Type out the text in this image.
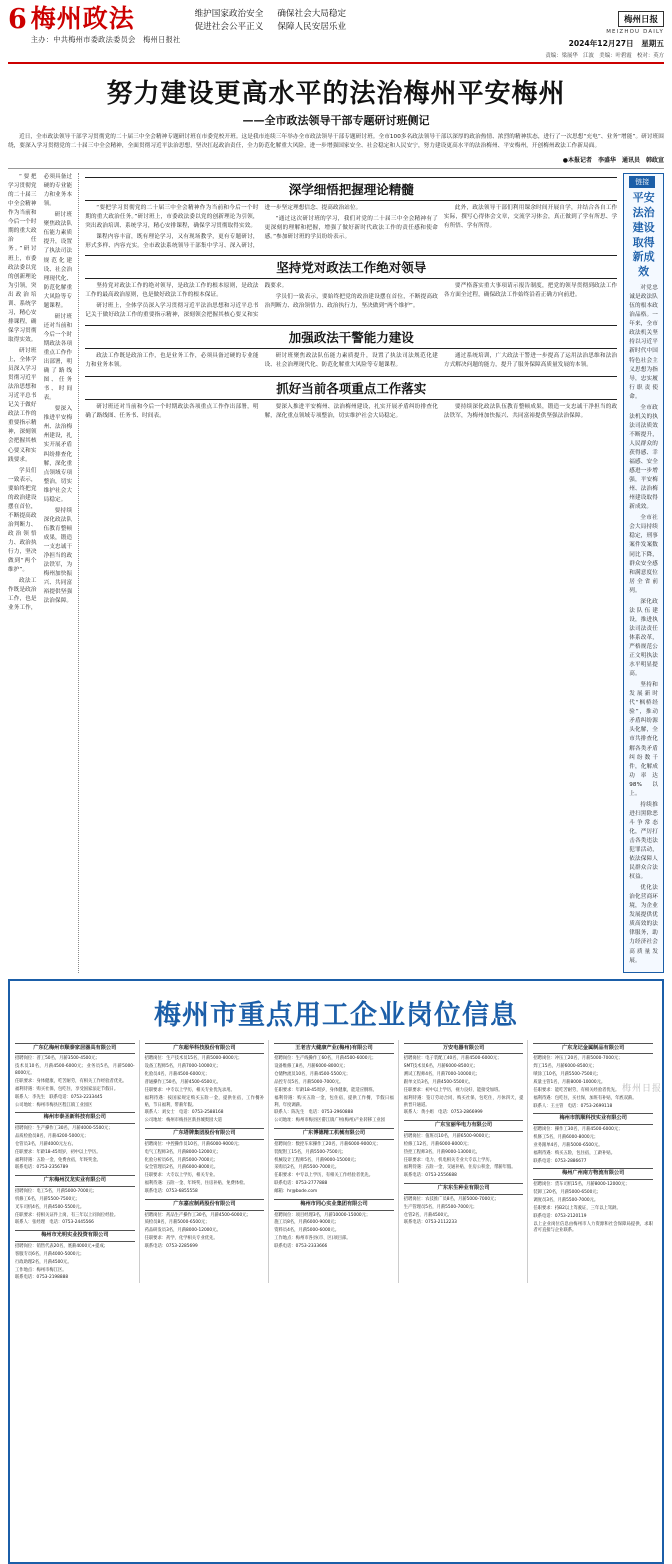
6 梅州政法
主办：中共梅州市委政法委员会　梅州日报社
维护国家政治安全 确保社会大局稳定
促进社会公平正义 保障人民安居乐业
梅州日报
MEIZHOU DAILY
2024年12月27日　星期五
责编：梁展华　江波　美编：叶碧霞　校对：英方
努力建设更高水平的法治梅州平安梅州
——全市政法领导干部专题研讨班侧记

近日，全市政法领导干部学习贯彻党的二十届三中全会精神专题研讨班在市委党校开班。这是我市连续三年举办全市政法领导干部专题研讨班。全市100多名政法领导干部以深厚的政治热情、浓烈的精神状态，进行了一次思想“充电”、业务“增能”。研讨班围绕，要深入学习贯彻党的二十届三中全会精神，全面贯彻习近平法治思想，坚决扛起政治责任，全力防范化解重大风险，进一步增强国家安全、社会稳定和人民安宁，努力建设更高水平的法治梅州、平安梅州，开创梅州政法工作新局面。

●本报记者　李盛华　通讯员　韩政宣

“要把学习贯彻党的二十届三中全会精神作为当前和今后一个时期的重大政治任务。”研讨班上，市委政法委以党的创新理论为引领，突出政治培训、系统学习，精心安排课程，确保学习贯彻取得实效。

研讨班上，全体学员深入学习贯彻习近平法治思想和习近平总书记关于做好政法工作的重要指示精神，深刻领会把握其核心要义和实践要求。

学员们一致表示，要始终把党的政治建设摆在首位，不断提高政治判断力、政治领悟力、政治执行力，坚决做到“两个维护”。

政法工作既是政治工作，也是业务工作，必须具备过硬的专业能力和业务本领。

研讨班聚焦政法队伍能力素质提升，设置了执法司法规范化建设、社会治理现代化、防范化解重大风险等专题课程。

研讨班还对当前和今后一个时期政法各项重点工作作出部署，明确了路线图、任务书、时间表。

要深入推进平安梅州、法治梅州建设，扎实开展矛盾纠纷排查化解，深化重点领域专项整治，切实维护社会大局稳定。

要持续深化政法队伍教育整顿成果，锻造一支忠诚干净担当的政法铁军，为梅州加快振兴、共同富裕提供坚强法治保障。

深学细悟把握理论精髓

“要把学习贯彻党的二十届三中全会精神作为当前和今后一个时期的重大政治任务。”研讨班上，市委政法委以党的创新理论为引领，突出政治培训、系统学习，精心安排课程，确保学习贯彻取得实效。

课程内容丰富，既有理论学习，又有现场教学，更有专题研讨，形式多样、内容充实。全市政法系统领导干部集中学习、深入研讨，进一步坚定理想信念、提高政治站位。

“通过这次研讨班的学习，我们对党的二十届三中全会精神有了更深刻的理解和把握，增强了做好新时代政法工作的责任感和使命感。”参加研讨班的学员纷纷表示。

此外，政法领导干部们利用课余时间开展自学，并结合各自工作实际，撰写心得体会文章，交流学习体会，真正做到了学有所思、学有所悟、学有所得。

坚持党对政法工作绝对领导

坚持党对政法工作的绝对领导，是政法工作的根本原则，是政法工作的最高政治原则，也是做好政法工作的根本保证。

研讨班上，全体学员深入学习贯彻习近平法治思想和习近平总书记关于做好政法工作的重要指示精神，深刻领会把握其核心要义和实践要求。

学员们一致表示，要始终把党的政治建设摆在首位，不断提高政治判断力、政治领悟力、政治执行力，坚决做到“两个维护”。

要严格落实重大事项请示报告制度，把党的领导贯彻到政法工作各方面全过程，确保政法工作始终沿着正确方向前进。

加强政法干警能力建设

政法工作既是政治工作，也是业务工作，必须具备过硬的专业能力和业务本领。

研讨班聚焦政法队伍能力素质提升，设置了执法司法规范化建设、社会治理现代化、防范化解重大风险等专题课程。

通过系统培训，广大政法干警进一步提高了运用法治思维和法治方式解决问题的能力，提升了服务保障高质量发展的本领。

抓好当前各项重点工作落实

研讨班还对当前和今后一个时期政法各项重点工作作出部署，明确了路线图、任务书、时间表。

要深入推进平安梅州、法治梅州建设，扎实开展矛盾纠纷排查化解，深化重点领域专项整治，切实维护社会大局稳定。

要持续深化政法队伍教育整顿成果，锻造一支忠诚干净担当的政法铁军，为梅州加快振兴、共同富裕提供坚强法治保障。

链接
平安法治建设 取得新成效

对党忠诚是政法队伍的根本政治品格。一年来，全市政法机关坚持以习近平新时代中国特色社会主义思想为指导，忠实履行职责使命。

全市政法机关的执法司法质效不断提升，人民群众的获得感、幸福感、安全感进一步增强，平安梅州、法治梅州建设取得新成效。

全市社会大局持续稳定，刑事案件发案数同比下降，群众安全感和满意度位居全省前列。

深化政法队伍建设，推进执法司法责任体系改革，严格规范公正文明执法水平明显提高。

坚持和发展新时代“枫桥经验”，推动矛盾纠纷源头化解，全市共排查化解各类矛盾纠纷数千件，化解成功率达98%以上。

持续推进扫黑除恶斗争常态化，严厉打击各类违法犯罪活动，依法保障人民群众合法权益。

优化法治化营商环境，为企业发展提供优质高效的法律服务，助力经济社会高质量发展。

梅州市重点用工企业岗位信息
广东亿梅州市顺泰家居器具有限公司

招聘岗位：普工50名，月薪3500-4500元；

技术员10名，月薪4500-6000元；业务员5名，月薪5000-8000元。

任职要求：身体健康，吃苦耐劳，有相关工作经验者优先。

福利待遇：购买社保，包吃住，享受国家法定节假日。

联系人：李先生　联系电话：0753-2233445

公司地址：梅州市梅县区程江镇工业园区

梅州市泰圣新科技有限公司

招聘岗位：生产操作工30名，月薪4000-5500元；

品质检验员8名，月薪4200-5000元；

仓管员3名，月薪4000元左右。

任职要求：年龄18-45周岁，初中以上学历。

福利待遇：五险一金，免费食宿，年终奖金。

联系电话：0753-2356789

广东梅州汉龙实业有限公司

招聘岗位：电工5名，月薪5000-7000元；

机修工6名，月薪5500-7500元；

叉车司机4名，月薪4500-5500元。

任职要求：持相关证件上岗，有三年以上同岗位经验。

联系人：张经理　电话：0753-2445566

梅州市光明实业投资有限公司

招聘岗位：销售代表20名，底薪4000元+提成；

客服专员6名，月薪4000-5000元；

行政助理2名，月薪4500元。

工作地点：梅州市梅江区。

联系电话：0753-2198888

广东超华科技股份有限公司

招聘岗位：生产技术员15名，月薪5000-8000元；

设备工程师5名，月薪7000-10000元；

化验员4名，月薪4500-6000元；

普通操作工50名，月薪4500-6500元。

任职要求：中专以上学历，相关专业优先录用。

福利待遇：按国家规定购买五险一金，提供住宿，工作餐补贴，节日福利，带薪年假。

联系人：刘女士　电话：0753-2588168

公司地址：梅州市梅县区新县城奥园大道

广东塔牌集团股份有限公司

招聘岗位：中控操作员10名，月薪6000-9000元；

电气工程师3名，月薪8000-12000元；

化验分析员6名，月薪5000-7000元；

安全管理员2名，月薪6000-8000元。

任职要求：大专以上学历，相关专业。

福利待遇：五险一金、年终奖、住房补贴、免费体检。

联系电话：0753-6855558

广东嘉应制药股份有限公司

招聘岗位：药品生产操作工30名，月薪4500-6000元；

质检员8名，月薪5000-6500元；

药品研发员3名，月薪8000-12000元。

任职要求：药学、化学相关专业优先。

联系电话：0753-2285699

王老吉大健康产业(梅州)有限公司

招聘岗位：生产线操作工60名，月薪4500-6000元；

设备维修工8名，月薪6000-8000元；

仓储物流员10名，月薪4500-5500元；

品控专员5名，月薪5000-7000元。

任职要求：年龄18-45周岁，身体健康，能适应倒班。

福利待遇：购买五险一金，包住宿，提供工作餐，节假日福利，年度调薪。

联系人：陈先生　电话：0753-2960888

公司地址：梅州市梅县区畲江镇广州(梅州)产业转移工业园

广东博德精工机械有限公司

招聘岗位：数控车床操作工20名，月薪6000-9000元；

装配钳工15名，月薪5500-7500元；

机械设计工程师5名，月薪9000-15000元；

采购员2名，月薪5500-7000元。

任职要求：中专以上学历，有相关工作经验者优先。

联系电话：0753-2777888

邮箱：hr@bode.com

梅州市同心实业集团有限公司

招聘岗位：项目经理3名，月薪10000-15000元；

施工员8名，月薪6000-9000元；

资料员4名，月薪5000-6000元。

工作地点：梅州市各县(市、区)项目部。

联系电话：0753-2333666

万安电器有限公司

招聘岗位：电子装配工40名，月薪4500-6000元；

SMT技术员6名，月薪6000-8500元；

测试工程师4名，月薪7000-10000元；

跟单文员3名，月薪4500-5500元。

任职要求：初中以上学历，视力良好，能接受加班。

福利待遇：签订劳动合同，购买社保，包吃住，月休四天，提供晋升通道。

联系人：黄小姐　电话：0753-2866999

广东宝丽华电力有限公司

招聘岗位：值班员10名，月薪6500-9000元；

检修工12名，月薪6000-8000元；

热控工程师3名，月薪9000-13000元。

任职要求：电力、机电相关专业大专以上学历。

福利待遇：五险一金、交通补贴、住房公积金、带薪年假。

联系电话：0753-2556688

广东东生种业有限公司

招聘岗位：农技推广员8名，月薪5000-7000元；

生产管理员5名，月薪5500-7000元；

仓管2名，月薪4500元。

联系电话：0753-2112233

广东龙记金属制品有限公司

招聘岗位：冲压工20名，月薪5000-7000元；

焊工15名，月薪6000-8500元；

喷涂工10名，月薪5500-7500元；

质量主管1名，月薪8000-10000元。

任职要求：能吃苦耐劳，有相关经验者优先。

福利待遇：包吃住，买社保，加班有补贴，年底双薪。

联系人：王主管　电话：0753-2699118

梅州市凯顺科技实业有限公司

招聘岗位：操作工30名，月薪4500-6000元；

机修工5名，月薪6000-8000元；

业务跟单4名，月薪5000-6500元。

福利待遇：购买五险，包住宿，工龄补贴。

联系电话：0753-2886677

梅州广州南方物流有限公司

招聘岗位：货车司机15名，月薪8000-12000元；

装卸工20名，月薪5000-6500元；

调度员3名，月薪5500-7000元。

任职要求：持B2以上驾驶证，三年以上驾龄。

联系电话：0753-2120119

以上企业岗位信息由梅州市人力资源和社会保障局提供，求职者可直接与企业联系。

梅州日报
